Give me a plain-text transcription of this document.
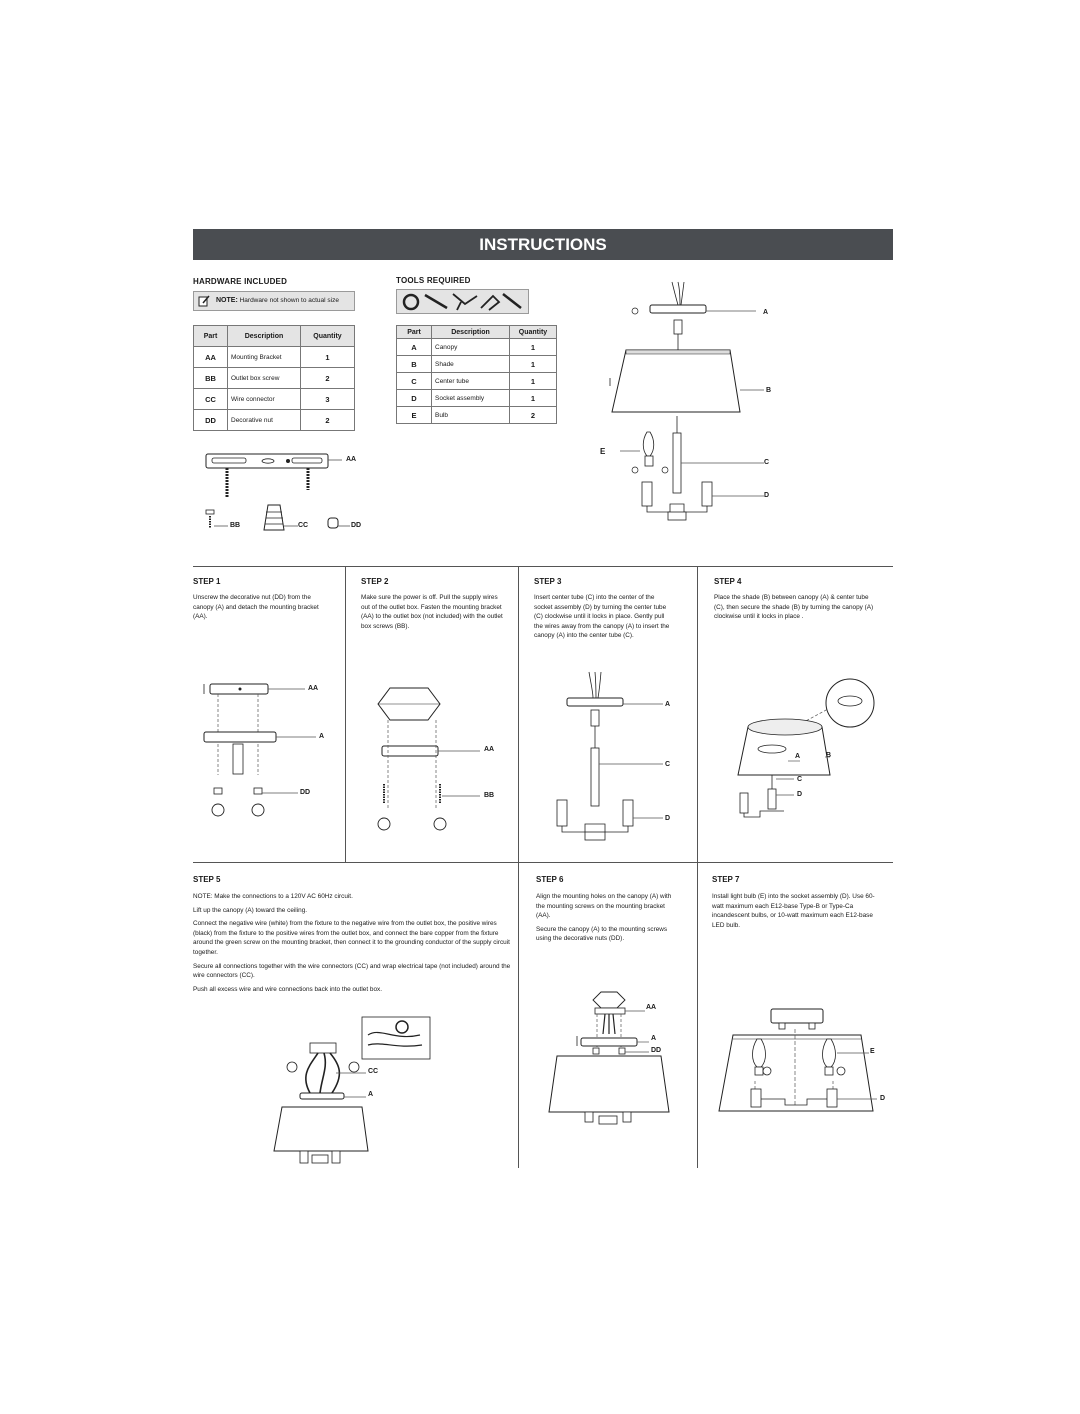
INSTRUCTIONS
HARDWARE INCLUDED
NOTE: Hardware not shown to actual size
Part	Description	Quantity
AA	Mounting Bracket	1
BB	Outlet box screw	2
CC	Wire connector	3
DD	Decorative nut	2
AA
BB	CC	DD
TOOLS REQUIRED
Part	Description	Quantity
A	Canopy	1
B	Shade	1
C	Center tube	1
D	Socket assembly	1
E	Bulb	2
A
B
C
D
E
STEP 1

Unscrew the decorative nut (DD) from the canopy (A) and detach the mounting bracket (AA).

AA
A
DD
STEP 2

Make sure the power is off. Pull the supply wires out of the outlet box. Fasten the mounting bracket (AA) to the outlet box (not included) with the outlet box screws (BB).

AA
BB
STEP 3

Insert center tube (C) into the center of the socket assembly (D) by turning the center tube (C) clockwise until it locks in place. Gently pull the wires away from the canopy (A) to insert the canopy (A) into the center tube (C).

A
C
D
STEP 4

Place the shade (B) between canopy (A) & center tube (C), then secure the shade (B) by turning the canopy (A) clockwise until it locks in place .

A	B
C
D
STEP 5

NOTE: Make the connections to a 120V AC 60Hz circuit.

Lift up the canopy (A) toward the ceiling.

Connect the negative wire (white) from the fixture to the negative wire from the outlet box, the positive wires (black) from the fixture to the positive wires from the outlet box, and connect the bare copper from the fixture around the green screw on the mounting bracket, then connect it to the grounding conductor of the supply circuit together.

Secure all connections together with the wire connectors (CC) and wrap electrical tape (not included) around the wire connectors (CC).

Push all excess wire and wire connections back into the outlet box.

CC
A
STEP 6

Align the mounting holes on the canopy (A) with the mounting screws on the mounting bracket (AA).

Secure the canopy (A) to the mounting screws using the decorative nuts (DD).

AA
A
DD
STEP 7

Install light bulb (E) into the socket assembly (D). Use 60-watt maximum each E12-base Type-B or Type-Ca incandescent bulbs, or 10-watt maximum each E12-base LED bulb.

E
D
